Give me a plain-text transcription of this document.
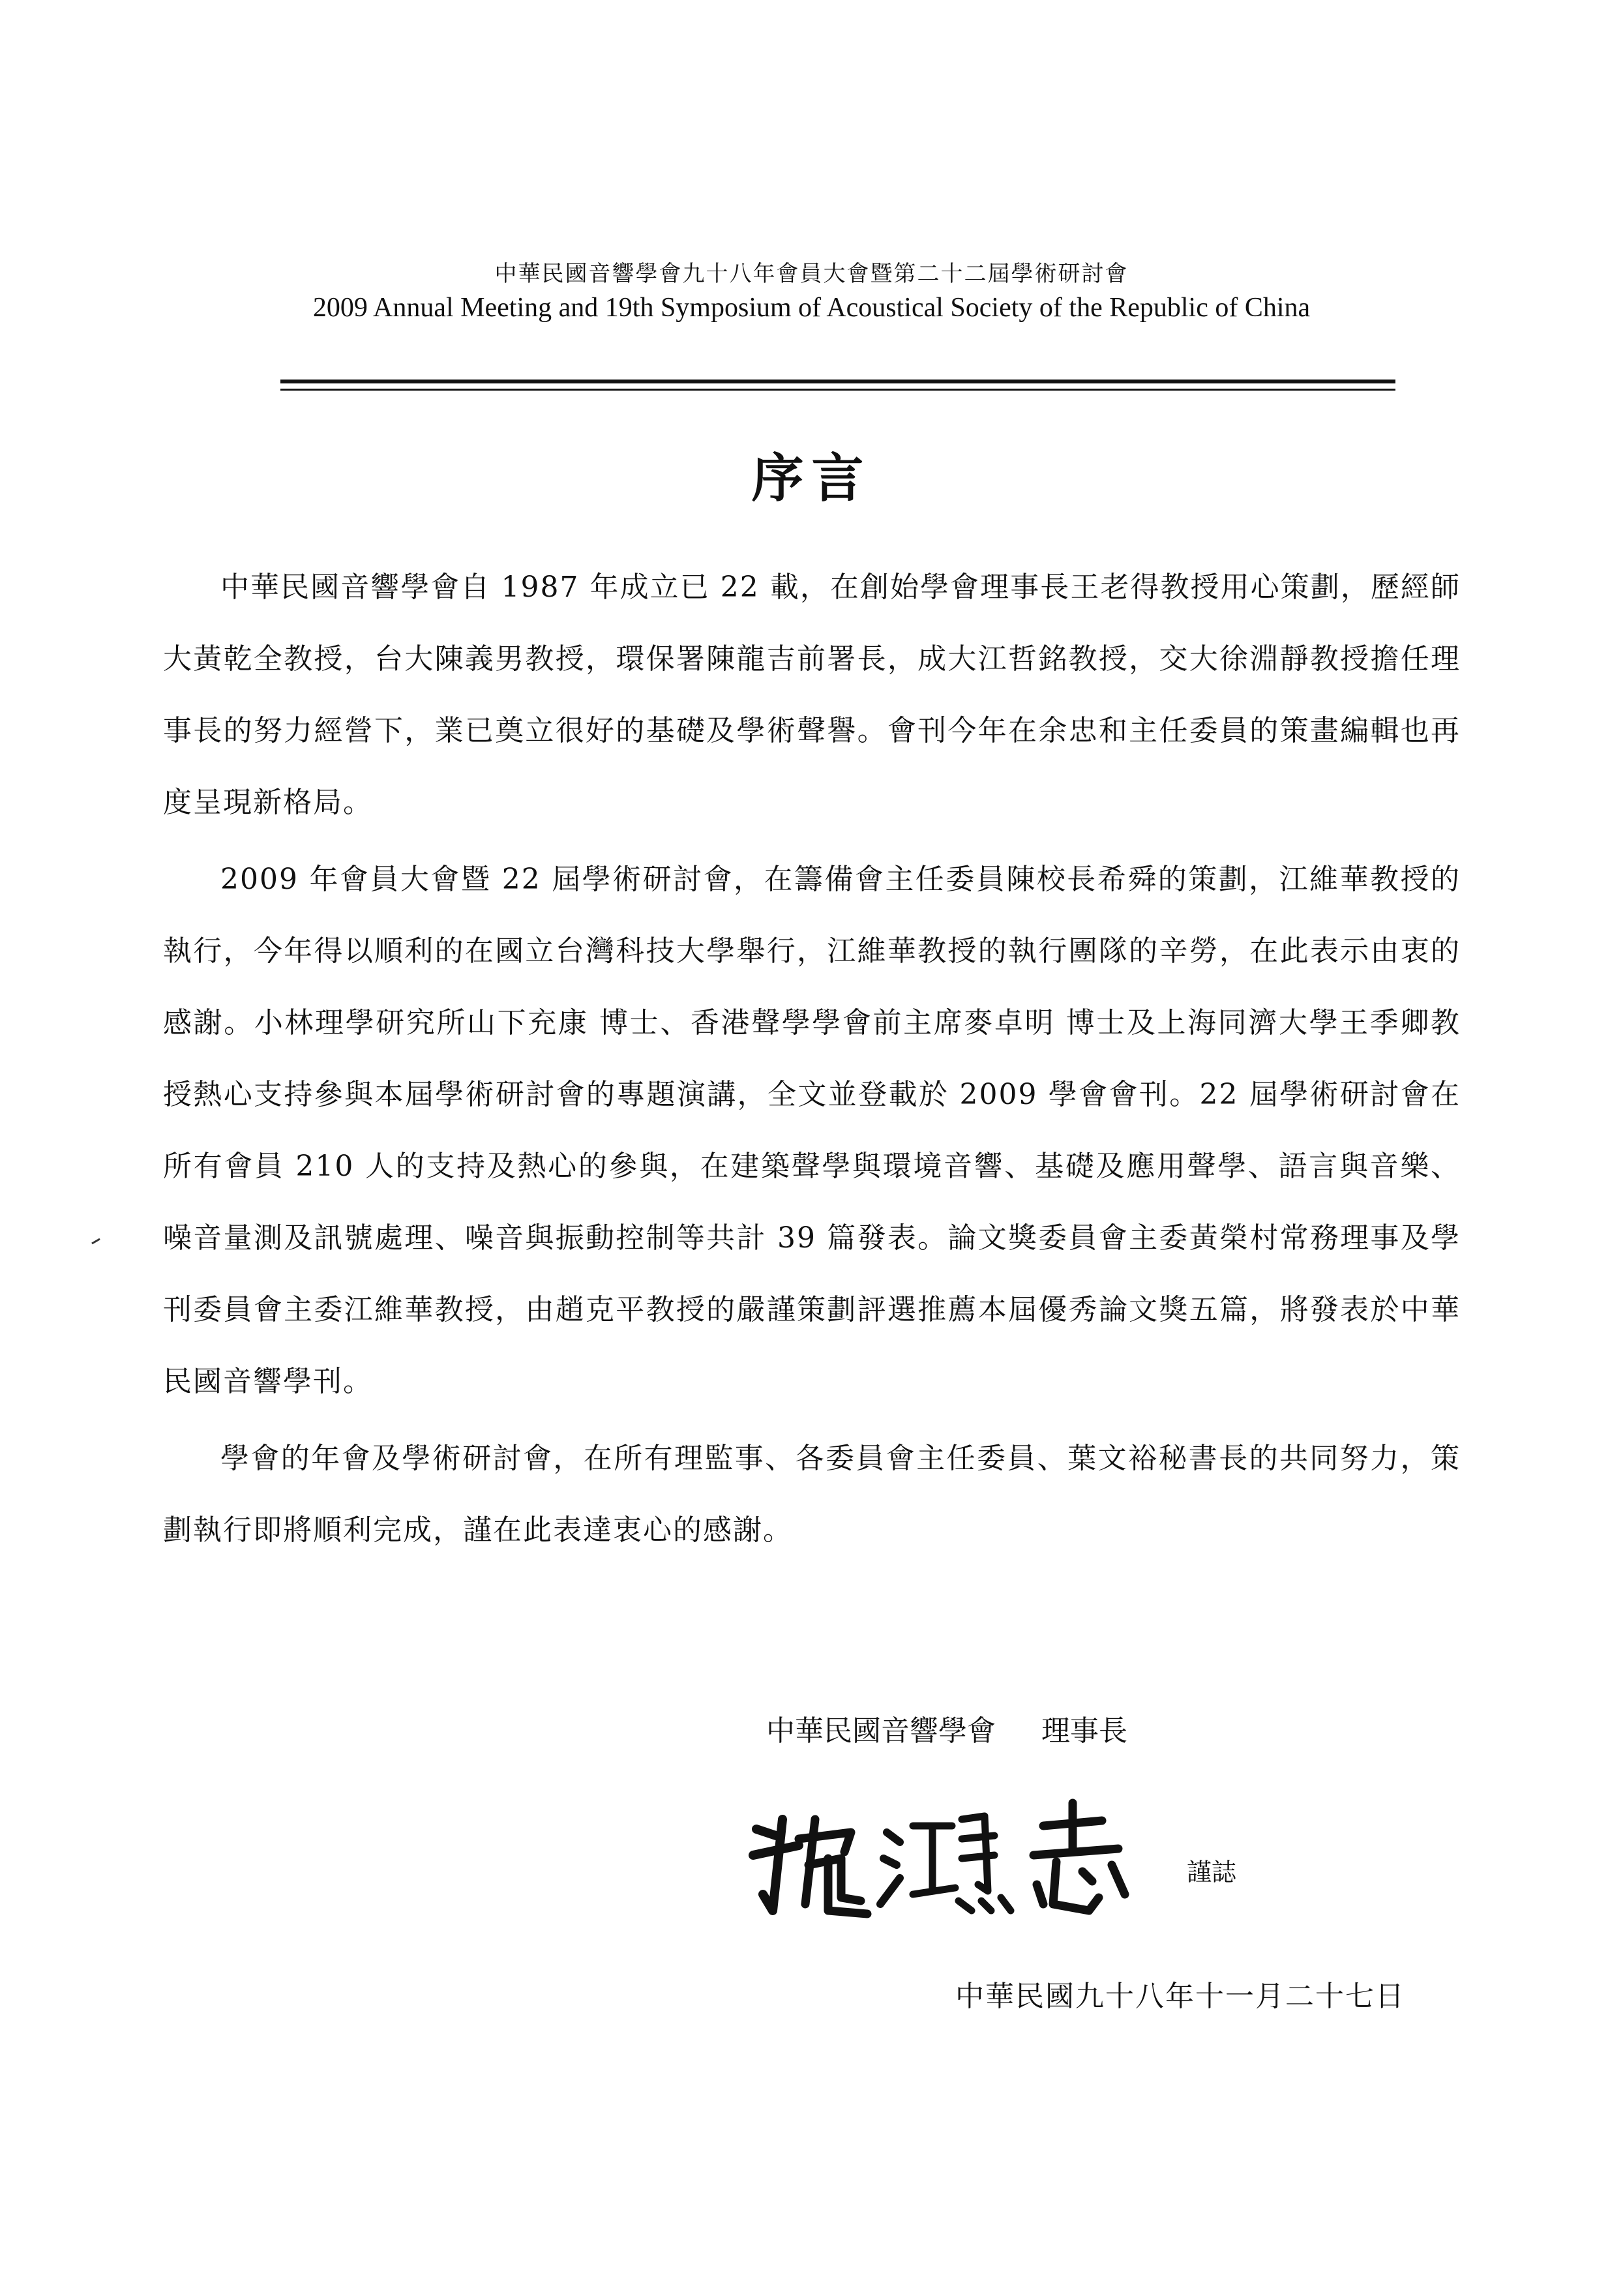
中華民國音響學會九十八年會員大會暨第二十二屆學術研討會
2009 Annual Meeting and 19th Symposium of Acoustical Society of the Republic of China
序言

中華民國音響學會自 1987 年成立已 22 載，在創始學會理事長王老得教授用心策劃，歷經師大黃乾全教授，台大陳義男教授，環保署陳龍吉前署長，成大江哲銘教授，交大徐淵靜教授擔任理事長的努力經營下，業已奠立很好的基礎及學術聲譽。會刊今年在余忠和主任委員的策畫編輯也再度呈現新格局。

2009 年會員大會暨 22 屆學術研討會，在籌備會主任委員陳校長希舜的策劃，江維華教授的執行，今年得以順利的在國立台灣科技大學舉行，江維華教授的執行團隊的辛勞，在此表示由衷的感謝。小林理學研究所山下充康 博士、香港聲學學會前主席麥卓明 博士及上海同濟大學王季卿教授熱心支持參與本屆學術研討會的專題演講，全文並登載於 2009 學會會刊。22 屆學術研討會在所有會員 210 人的支持及熱心的參與，在建築聲學與環境音響、基礎及應用聲學、語言與音樂、噪音量測及訊號處理、噪音與振動控制等共計 39 篇發表。論文獎委員會主委黃榮村常務理事及學刊委員會主委江維華教授，由趙克平教授的嚴謹策劃評選推薦本屆優秀論文獎五篇，將發表於中華民國音響學刊。

學會的年會及學術研討會，在所有理監事、各委員會主任委員、葉文裕秘書長的共同努力，策劃執行即將順利完成，謹在此表達衷心的感謝。

中華民國音響學會 理事長
謹誌
中華民國九十八年十一月二十七日
